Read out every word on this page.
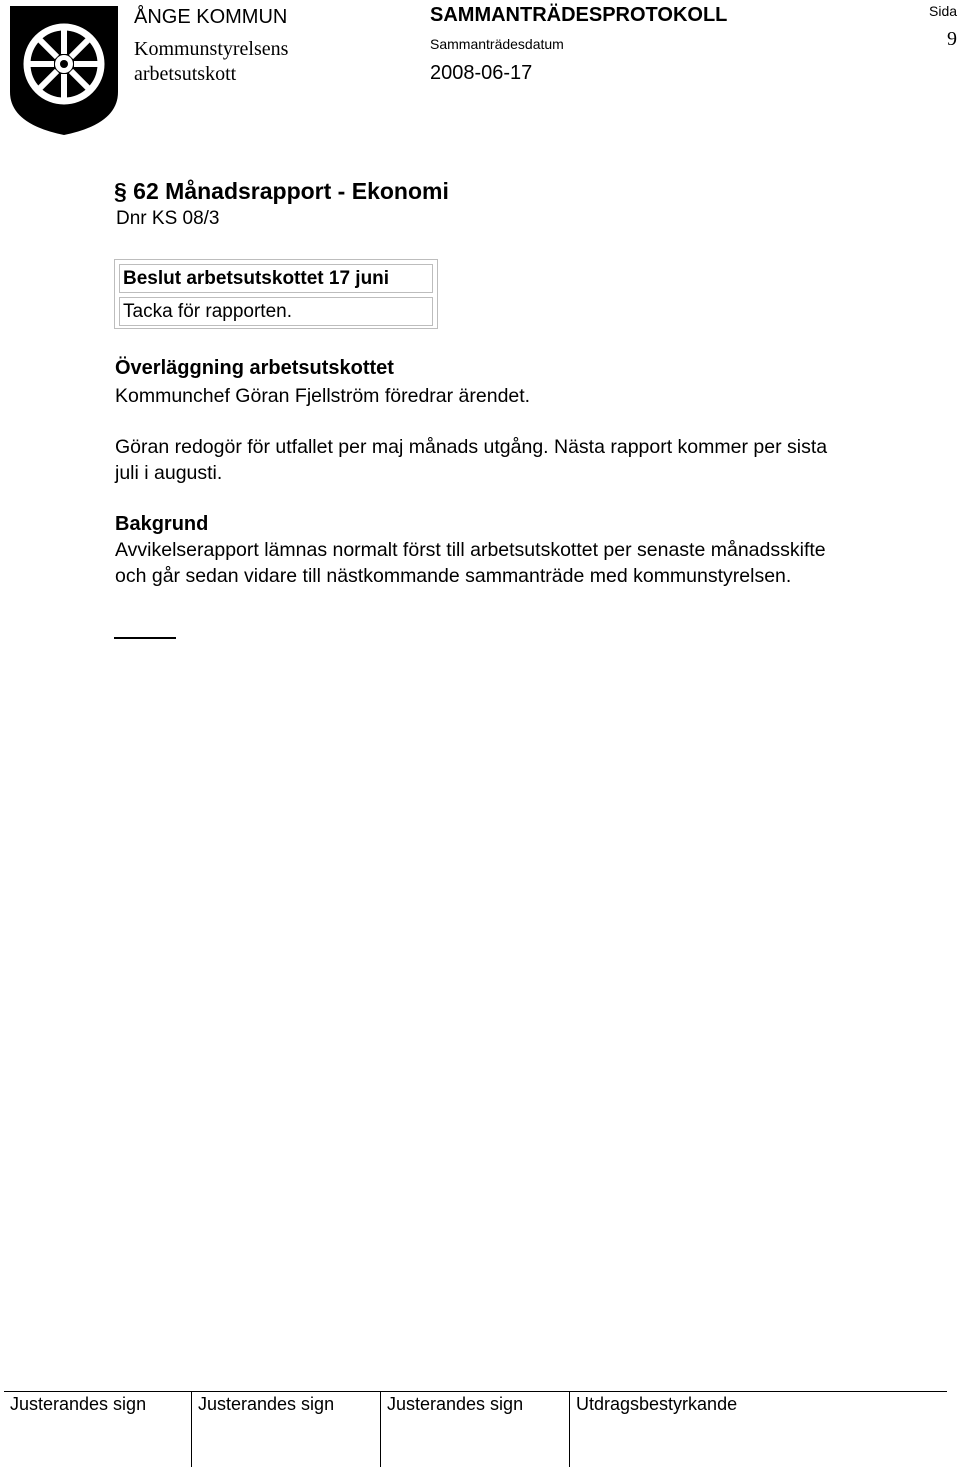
ÅNGE KOMMUN
Kommunstyrelsens
arbetsutskott
SAMMANTRÄDESPROTOKOLL
Sammanträdesdatum
2008-06-17
Sida
9
§ 62 Månadsrapport - Ekonomi
Dnr KS 08/3
Beslut arbetsutskottet 17 juni
Tacka för rapporten.
Överläggning arbetsutskottet
Kommunchef Göran Fjellström föredrar ärendet.
Göran redogör för utfallet per maj månads utgång. Nästa rapport kommer per sista
juli i augusti.
Bakgrund
Avvikelserapport lämnas normalt först till arbetsutskottet per senaste månadsskifte
och går sedan vidare till nästkommande sammanträde med kommunstyrelsen.
Justerandes sign	Justerandes sign	Justerandes sign	Utdragsbestyrkande
